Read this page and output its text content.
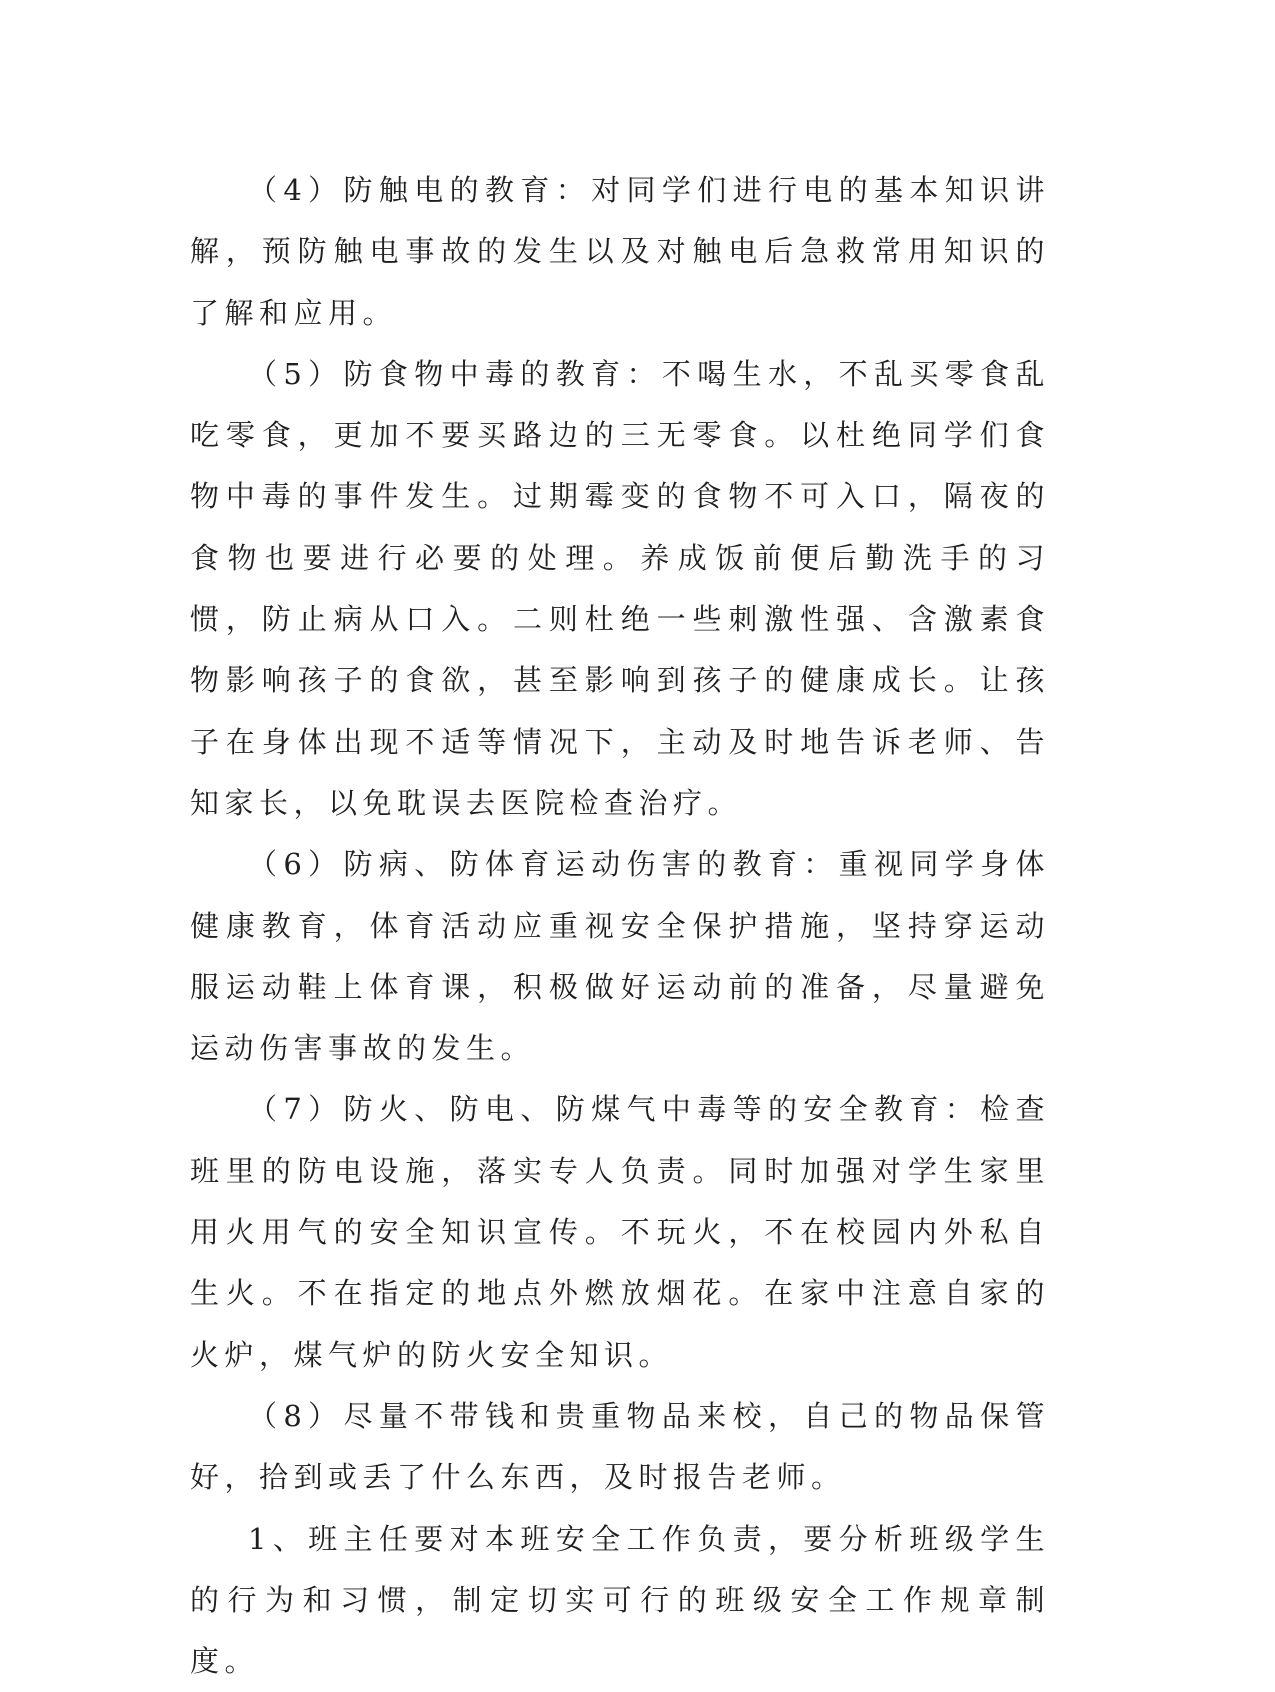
（4）防触电的教育：对同学们进行电的基本知识讲解，预防触电事故的发生以及对触电后急救常用知识的了解和应用。

（5）防食物中毒的教育：不喝生水，不乱买零食乱吃零食，更加不要买路边的三无零食。以杜绝同学们食物中毒的事件发生。过期霉变的食物不可入口，隔夜的食物也要进行必要的处理。养成饭前便后勤洗手的习惯，防止病从口入。二则杜绝一些刺激性强、含激素食物影响孩子的食欲，甚至影响到孩子的健康成长。让孩子在身体出现不适等情况下，主动及时地告诉老师、告知家长，以免耽误去医院检查治疗。

（6）防病、防体育运动伤害的教育：重视同学身体健康教育，体育活动应重视安全保护措施，坚持穿运动服运动鞋上体育课，积极做好运动前的准备，尽量避免运动伤害事故的发生。

（7）防火、防电、防煤气中毒等的安全教育：检查班里的防电设施，落实专人负责。同时加强对学生家里用火用气的安全知识宣传。不玩火，不在校园内外私自生火。不在指定的地点外燃放烟花。在家中注意自家的火炉，煤气炉的防火安全知识。

（8）尽量不带钱和贵重物品来校，自己的物品保管好，拾到或丢了什么东西，及时报告老师。

1、班主任要对本班安全工作负责，要分析班级学生的行为和习惯，制定切实可行的班级安全工作规章制度。
